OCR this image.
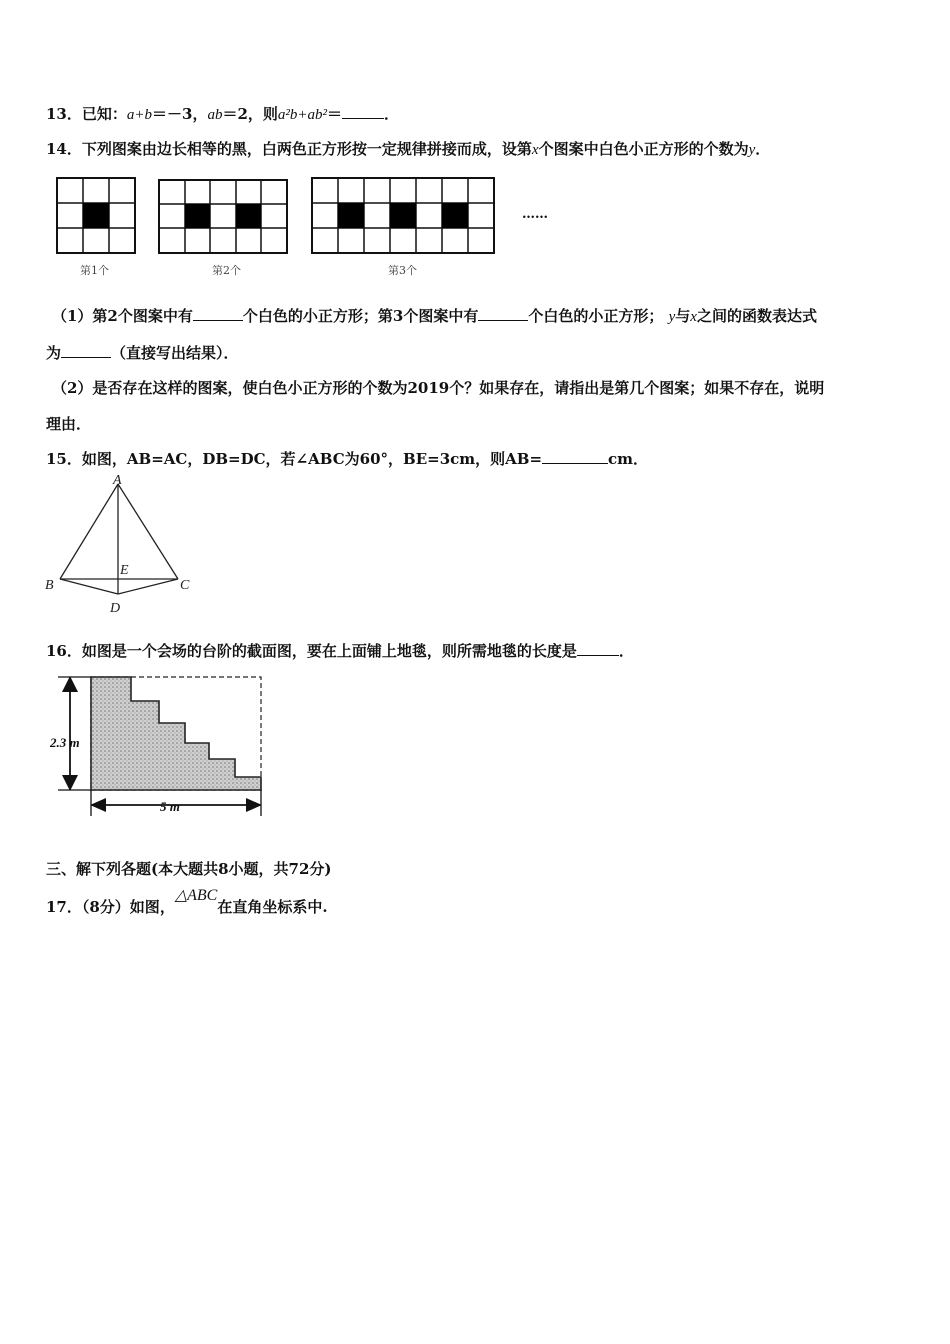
13．已知：a+b＝－3，ab＝2，则a²b+ab²＝	．
14．下列图案由边长相等的黑，白两色正方形按一定规律拼接而成，设第x个图案中白色小正方形的个数为y．
第1个	第2个	第3个
……
（1）第2个图案中有	个白色的小正方形；第3个图案中有	个白色的小正方形； y与x之间的函数表达式
为	（直接写出结果）．
（2）是否存在这样的图案，使白色小正方形的个数为2019个？如果存在，请指出是第几个图案；如果不存在，说明
理由．
15．如图，AB=AC，DB=DC，若∠ABC为60°，BE=3cm，则AB=	cm．
A
B	C
E
D
16．如图是一个会场的台阶的截面图，要在上面铺上地毯，则所需地毯的长度是	．
2.3 m
5 m
三、解下列各题(本大题共8小题，共72分)
17．（8分）如图，△ABC在直角坐标系中.
